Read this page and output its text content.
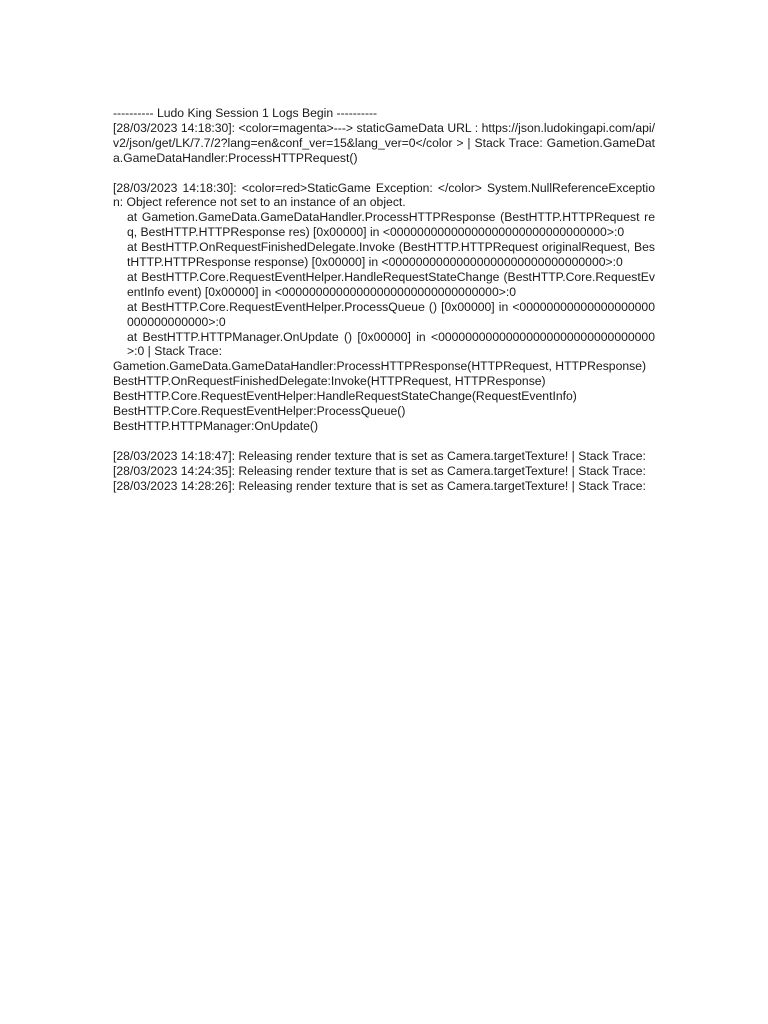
---------- Ludo King Session 1 Logs Begin ----------
[28/03/2023 14:18:30]: <color=magenta>---> staticGameData URL : https://json.ludokingapi.com/api/v2/json/get/LK/7.7/2?lang=en&conf_ver=15&lang_ver=0</color > | Stack Trace: Gametion.GameData.GameDataHandler:ProcessHTTPRequest()
[28/03/2023 14:18:30]: <color=red>StaticGame Exception: </color> System.NullReferenceException: Object reference not set to an instance of an object.
at Gametion.GameData.GameDataHandler.ProcessHTTPResponse (BestHTTP.HTTPRequest req, BestHTTP.HTTPResponse res) [0x00000] in <00000000000000000000000000000000>:0
at BestHTTP.OnRequestFinishedDelegate.Invoke (BestHTTP.HTTPRequest originalRequest, BestHTTP.HTTPResponse response) [0x00000] in <00000000000000000000000000000000>:0
at BestHTTP.Core.RequestEventHelper.HandleRequestStateChange (BestHTTP.Core.RequestEventInfo event) [0x00000] in <00000000000000000000000000000000>:0
at BestHTTP.Core.RequestEventHelper.ProcessQueue () [0x00000] in <00000000000000000000000000000000>:0
at BestHTTP.HTTPManager.OnUpdate () [0x00000] in <00000000000000000000000000000000>:0 | Stack Trace:
Gametion.GameData.GameDataHandler:ProcessHTTPResponse(HTTPRequest, HTTPResponse)
BestHTTP.OnRequestFinishedDelegate:Invoke(HTTPRequest, HTTPResponse)
BestHTTP.Core.RequestEventHelper:HandleRequestStateChange(RequestEventInfo)
BestHTTP.Core.RequestEventHelper:ProcessQueue()
BestHTTP.HTTPManager:OnUpdate()
[28/03/2023 14:18:47]: Releasing render texture that is set as Camera.targetTexture! | Stack Trace:
[28/03/2023 14:24:35]: Releasing render texture that is set as Camera.targetTexture! | Stack Trace:
[28/03/2023 14:28:26]: Releasing render texture that is set as Camera.targetTexture! | Stack Trace:
